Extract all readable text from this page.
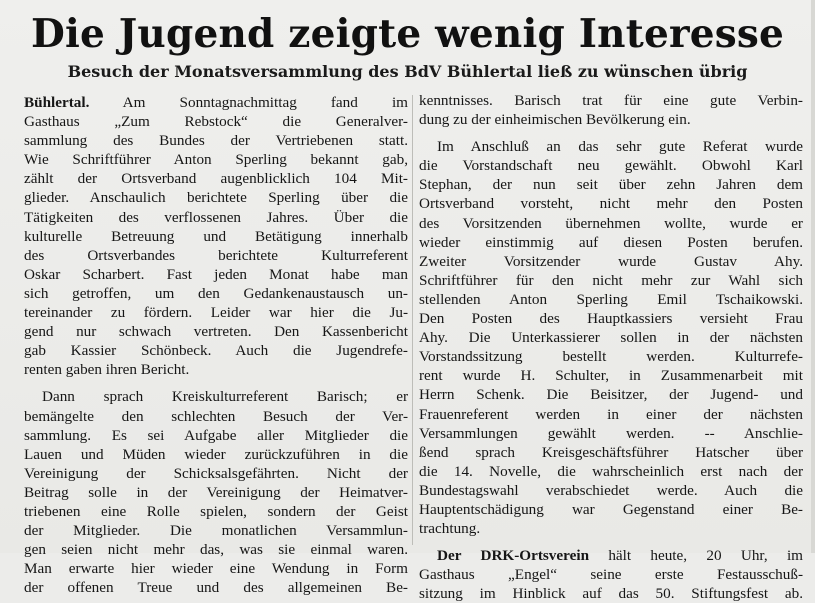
Die Jugend zeigte wenig Interesse
Besuch der Monatsversammlung des BdV Bühlertal ließ zu wünschen übrig
Bühlertal. Am Sonntagnachmittag fand im
Gasthaus „Zum Rebstock“ die Generalver-
sammlung des Bundes der Vertriebenen statt.
Wie Schriftführer Anton Sperling bekannt gab,
zählt der Ortsverband augenblicklich 104 Mit-
glieder. Anschaulich berichtete Sperling über die
Tätigkeiten des verflossenen Jahres. Über die
kulturelle Betreuung und Betätigung innerhalb
des Ortsverbandes berichtete Kulturreferent
Oskar Scharbert. Fast jeden Monat habe man
sich getroffen, um den Gedankenaustausch un-
tereinander zu fördern. Leider war hier die Ju-
gend nur schwach vertreten. Den Kassenbericht
gab Kassier Schönbeck. Auch die Jugendrefe-
renten gaben ihren Bericht.
Dann sprach Kreiskulturreferent Barisch; er
bemängelte den schlechten Besuch der Ver-
sammlung. Es sei Aufgabe aller Mitglieder die
Lauen und Müden wieder zurückzuführen in die
Vereinigung der Schicksalsgefährten. Nicht der
Beitrag solle in der Vereinigung der Heimatver-
triebenen eine Rolle spielen, sondern der Geist
der Mitglieder. Die monatlichen Versammlun-
gen seien nicht mehr das, was sie einmal waren.
Man erwarte hier wieder eine Wendung in Form
der offenen Treue und des allgemeinen Be-
kenntnisses. Barisch trat für eine gute Verbin-
dung zu der einheimischen Bevölkerung ein.
Im Anschluß an das sehr gute Referat wurde
die Vorstandschaft neu gewählt. Obwohl Karl
Stephan, der nun seit über zehn Jahren dem
Ortsverband vorsteht, nicht mehr den Posten
des Vorsitzenden übernehmen wollte, wurde er
wieder einstimmig auf diesen Posten berufen.
Zweiter Vorsitzender wurde Gustav Ahy.
Schriftführer für den nicht mehr zur Wahl sich
stellenden Anton Sperling Emil Tschaikowski.
Den Posten des Hauptkassiers versieht Frau
Ahy. Die Unterkassierer sollen in der nächsten
Vorstandssitzung bestellt werden. Kulturrefe-
rent wurde H. Schulter, in Zusammenarbeit mit
Herrn Schenk. Die Beisitzer, der Jugend- und
Frauenreferent werden in einer der nächsten
Versammlungen gewählt werden. -- Anschlie-
ßend sprach Kreisgeschäftsführer Hatscher über
die 14. Novelle, die wahrscheinlich erst nach der
Bundestagswahl verabschiedet werde. Auch die
Hauptentschädigung war Gegenstand einer Be-
trachtung.
Der DRK-Ortsverein hält heute, 20 Uhr, im
Gasthaus „Engel“ seine erste Festausschuß-
sitzung im Hinblick auf das 50. Stiftungsfest ab.
